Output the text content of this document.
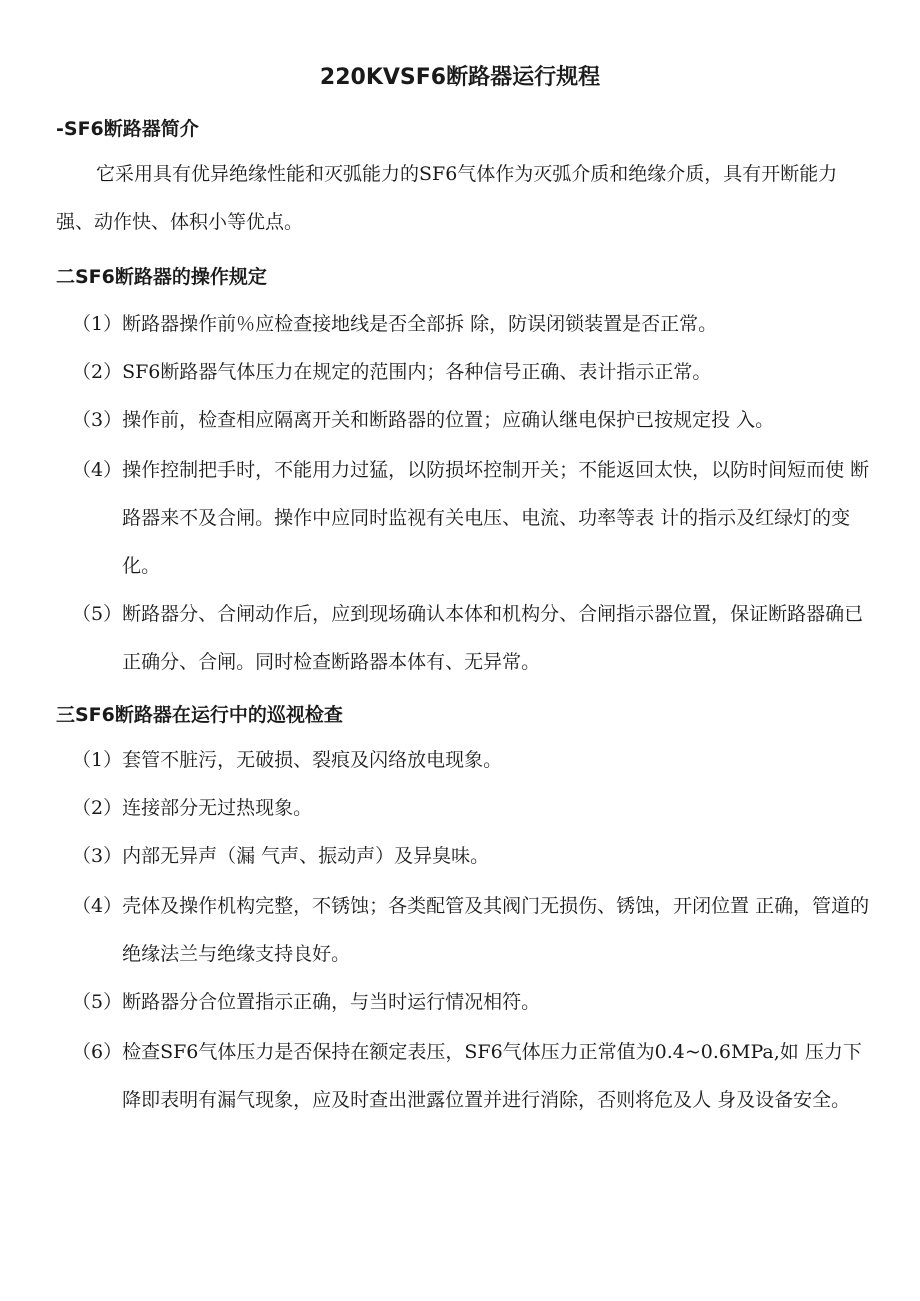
220KVSF6断路器运行规程
-SF6断路器简介
它采用具有优异绝缘性能和灭弧能力的SF6气体作为灭弧介质和绝缘介质，具有开断能力强、动作快、体积小等优点。
二SF6断路器的操作规定
（1） 断路器操作前％应检查接地线是否全部拆 除，防误闭锁装置是否正常。
（2） SF6断路器气体压力在规定的范围内；各种信号正确、表计指示正常。
（3） 操作前，检查相应隔离开关和断路器的位置；应确认继电保护已按规定投 入。
（4） 操作控制把手时，不能用力过猛，以防损坏控制开关；不能返回太快，以防时间短而使 断路器来不及合闸。操作中应同时监视有关电压、电流、功率等表 计的指示及红绿灯的变化。
（5） 断路器分、合闸动作后，应到现场确认本体和机构分、合闸指示器位置，保证断路器确已正确分、合闸。同时检查断路器本体有、无异常。
三SF6断路器在运行中的巡视检查
（1） 套管不脏污，无破损、裂痕及闪络放电现象。
（2） 连接部分无过热现象。
（3） 内部无异声（漏 气声、振动声）及异臭味。
（4） 壳体及操作机构完整，不锈蚀；各类配管及其阀门无损伤、锈蚀，开闭位置 正确，管道的绝缘法兰与绝缘支持良好。
（5） 断路器分合位置指示正确，与当时运行情况相符。
（6） 检查SF6气体压力是否保持在额定表压，SF6气体压力正常值为0.4~0.6MPa,如 压力下降即表明有漏气现象，应及时查出泄露位置并进行消除，否则将危及人 身及设备安全。
